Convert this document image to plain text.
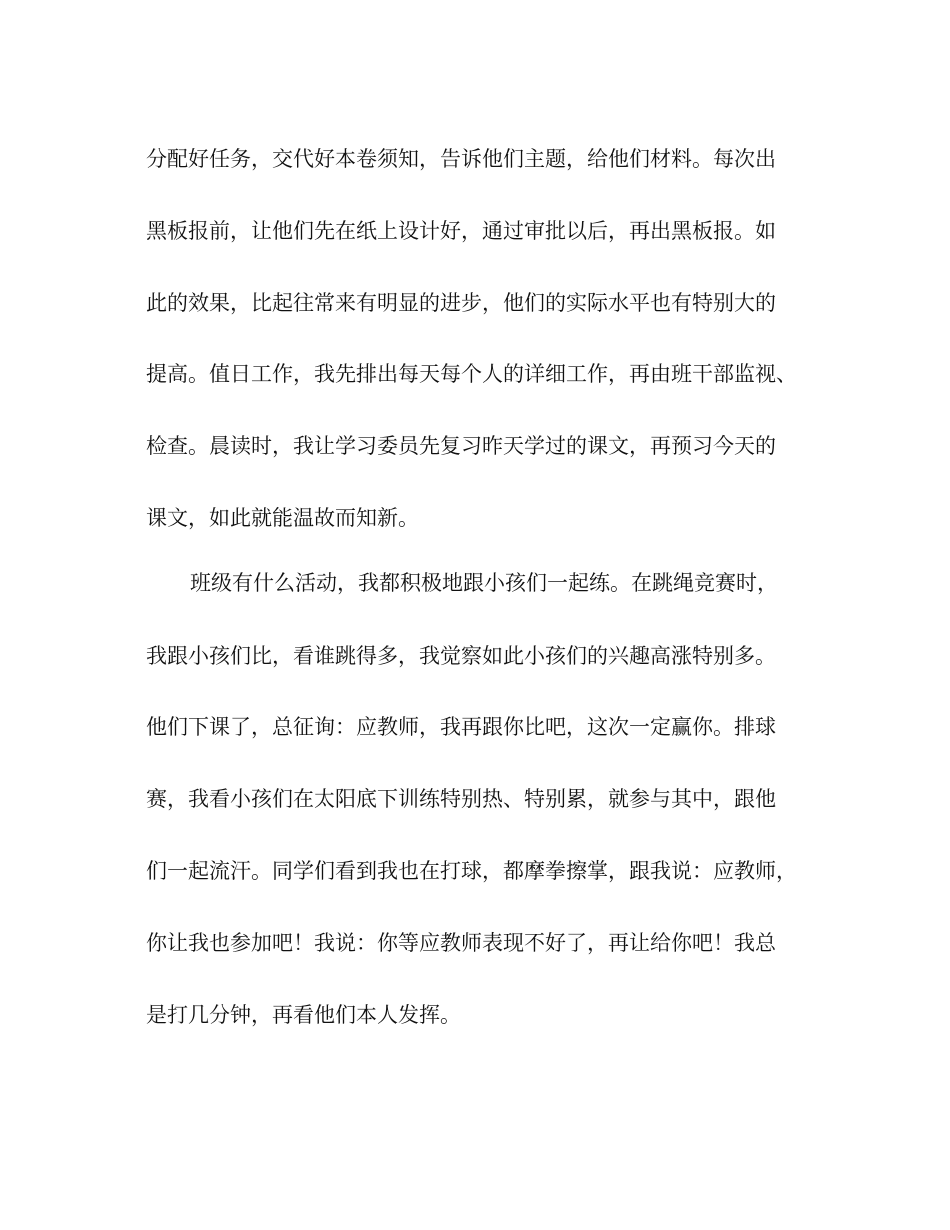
分配好任务，交代好本卷须知，告诉他们主题，给他们材料。每次出

黑板报前，让他们先在纸上设计好，通过审批以后，再出黑板报。如

此的效果，比起往常来有明显的进步，他们的实际水平也有特别大的

提高。值日工作，我先排出每天每个人的详细工作，再由班干部监视、

检查。晨读时，我让学习委员先复习昨天学过的课文，再预习今天的

课文，如此就能温故而知新。

班级有什么活动，我都积极地跟小孩们一起练。在跳绳竞赛时，

我跟小孩们比，看谁跳得多，我觉察如此小孩们的兴趣高涨特别多。

他们下课了，总征询：应教师，我再跟你比吧，这次一定赢你。排球

赛，我看小孩们在太阳底下训练特别热、特别累，就参与其中，跟他

们一起流汗。同学们看到我也在打球，都摩拳擦掌，跟我说：应教师，

你让我也参加吧！我说：你等应教师表现不好了，再让给你吧！我总

是打几分钟，再看他们本人发挥。
